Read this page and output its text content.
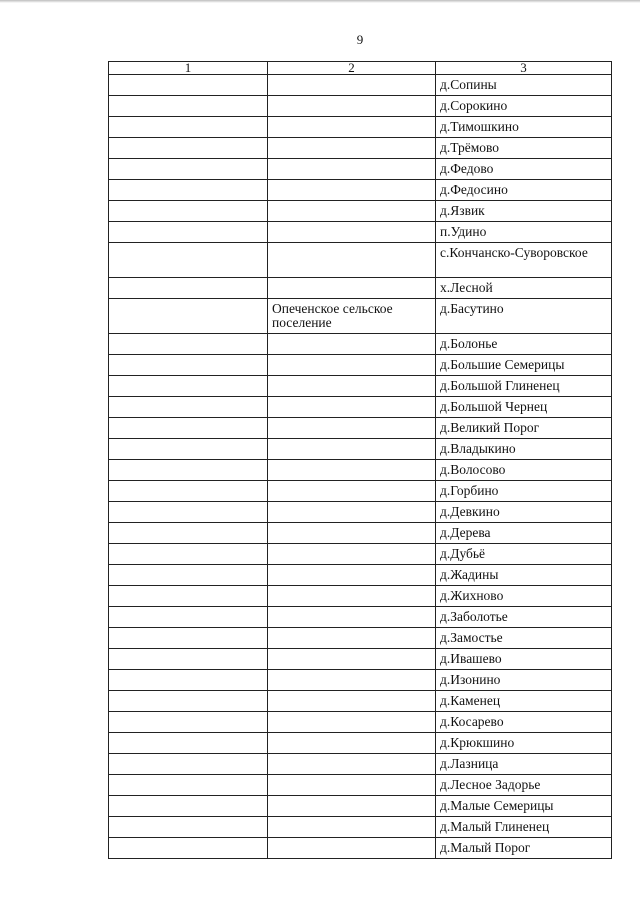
9
1	2	3
		д.Сопины
		д.Сорокино
		д.Тимошкино
		д.Трёмово
		д.Федово
		д.Федосино
		д.Язвик
		п.Удино
		с.Кончанско-Суворовское
		х.Лесной
	Опеченское сельское поселение	д.Басутино
		д.Болонье
		д.Большие Семерицы
		д.Большой Глиненец
		д.Большой Чернец
		д.Великий Порог
		д.Владыкино
		д.Волосово
		д.Горбино
		д.Девкино
		д.Дерева
		д.Дубьё
		д.Жадины
		д.Жихново
		д.Заболотье
		д.Замостье
		д.Ивашево
		д.Изонино
		д.Каменец
		д.Косарево
		д.Крюкшино
		д.Лазница
		д.Лесное Задорье
		д.Малые Семерицы
		д.Малый Глиненец
		д.Малый Порог
